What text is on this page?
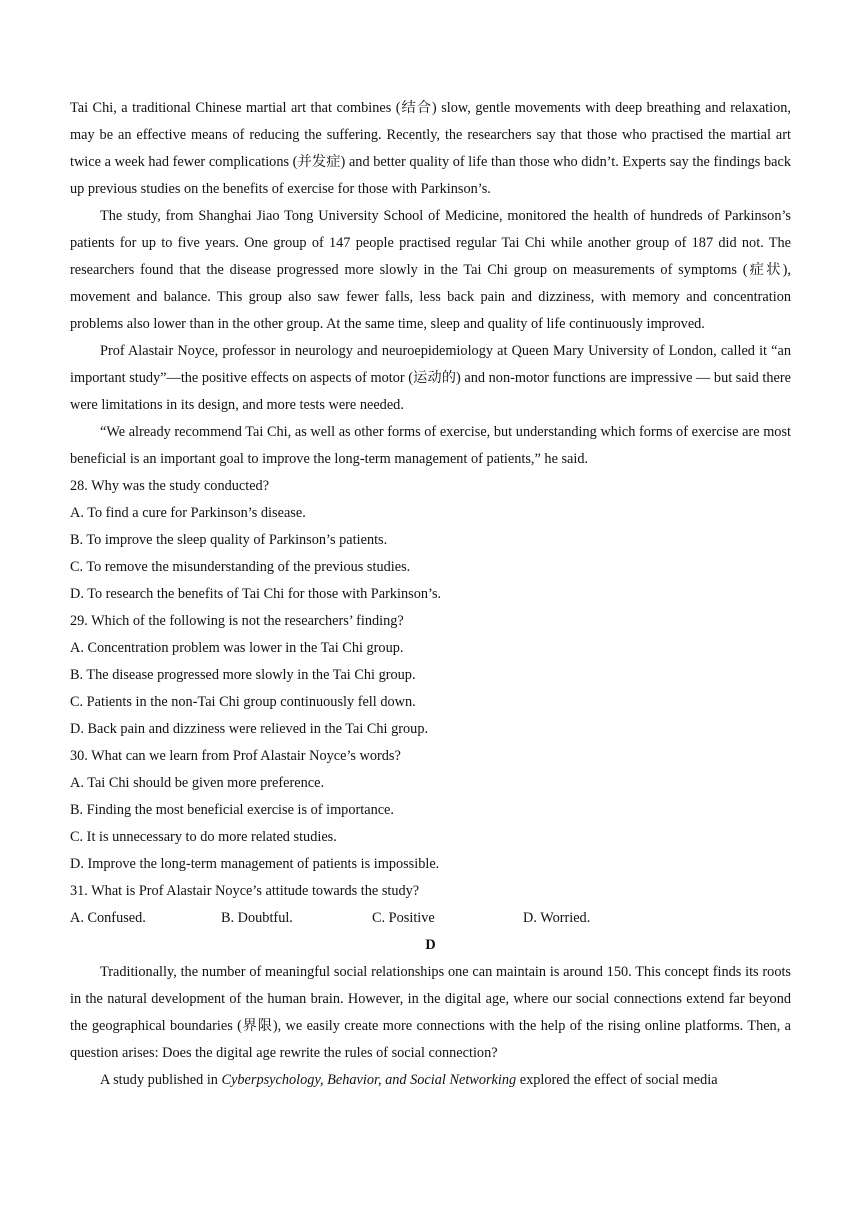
Tai Chi, a traditional Chinese martial art that combines (结合) slow, gentle movements with deep breathing and relaxation, may be an effective means of reducing the suffering. Recently, the researchers say that those who practised the martial art twice a week had fewer complications (并发症) and better quality of life than those who didn’t. Experts say the findings back up previous studies on the benefits of exercise for those with Parkinson’s.

The study, from Shanghai Jiao Tong University School of Medicine, monitored the health of hundreds of Parkinson’s patients for up to five years. One group of 147 people practised regular Tai Chi while another group of 187 did not. The researchers found that the disease progressed more slowly in the Tai Chi group on measurements of symptoms (症状), movement and balance. This group also saw fewer falls, less back pain and dizziness, with memory and concentration problems also lower than in the other group. At the same time, sleep and quality of life continuously improved.

Prof Alastair Noyce, professor in neurology and neuroepidemiology at Queen Mary University of London, called it “an important study”—the positive effects on aspects of motor (运动的) and non-motor functions are impressive — but said there were limitations in its design, and more tests were needed.

“We already recommend Tai Chi, as well as other forms of exercise, but understanding which forms of exercise are most beneficial is an important goal to improve the long-term management of patients,” he said.

28. Why was the study conducted?

A. To find a cure for Parkinson’s disease.

B. To improve the sleep quality of Parkinson’s patients.

C. To remove the misunderstanding of the previous studies.

D. To research the benefits of Tai Chi for those with Parkinson’s.

29. Which of the following is not the researchers’ finding?

A. Concentration problem was lower in the Tai Chi group.

B. The disease progressed more slowly in the Tai Chi group.

C. Patients in the non-Tai Chi group continuously fell down.

D. Back pain and dizziness were relieved in the Tai Chi group.

30. What can we learn from Prof Alastair Noyce’s words?

A. Tai Chi should be given more preference.

B. Finding the most beneficial exercise is of importance.

C. It is unnecessary to do more related studies.

D. Improve the long-term management of patients is impossible.

31. What is Prof Alastair Noyce’s attitude towards the study?

A. Confused.	B. Doubtful.	C. Positive	D. Worried.

D

Traditionally, the number of meaningful social relationships one can maintain is around 150. This concept finds its roots in the natural development of the human brain. However, in the digital age, where our social connections extend far beyond the geographical boundaries (界限), we easily create more connections with the help of the rising online platforms. Then, a question arises: Does the digital age rewrite the rules of social connection?

A study published in Cyberpsychology, Behavior, and Social Networking explored the effect of social media
